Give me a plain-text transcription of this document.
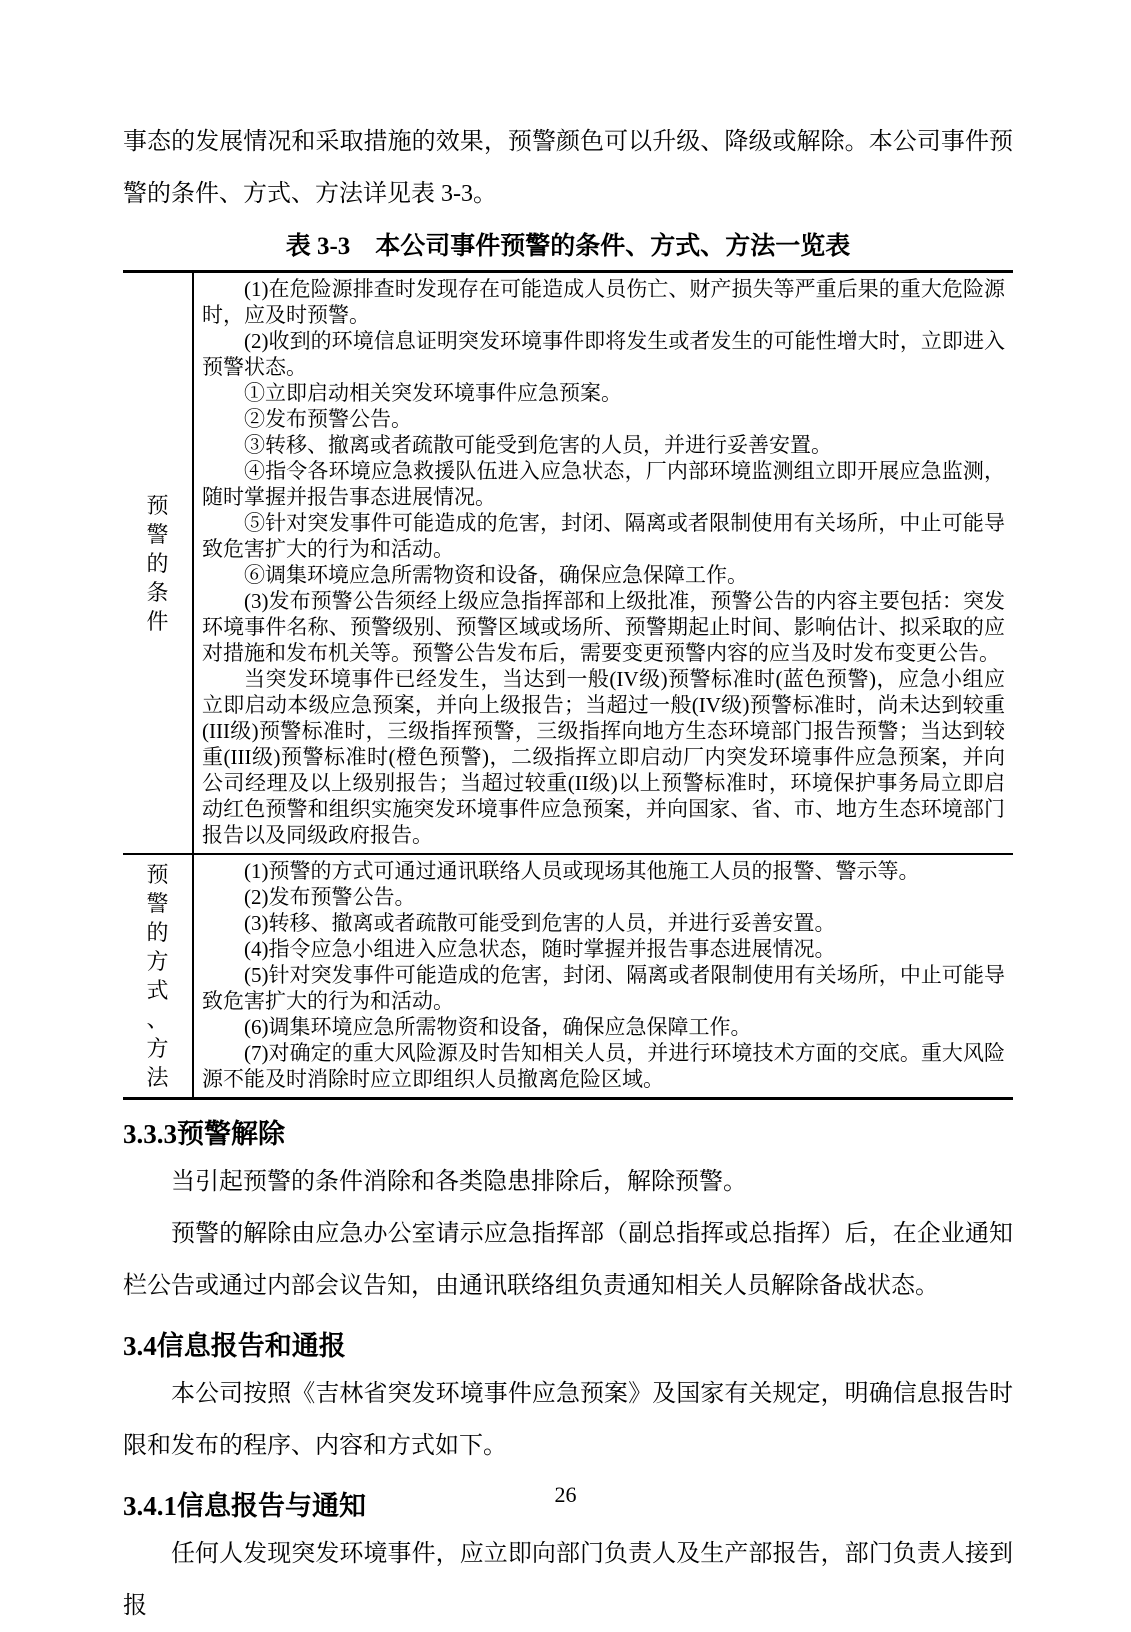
事态的发展情况和采取措施的效果，预警颜色可以升级、降级或解除。本公司事件预警的条件、方式、方法详见表 3-3。

表 3-3　本公司事件预警的条件、方式、方法一览表
预警的条件

(1)在危险源排查时发现存在可能造成人员伤亡、财产损失等严重后果的重大危险源时，应及时预警。

(2)收到的环境信息证明突发环境事件即将发生或者发生的可能性增大时，立即进入预警状态。

①立即启动相关突发环境事件应急预案。

②发布预警公告。

③转移、撤离或者疏散可能受到危害的人员，并进行妥善安置。

④指令各环境应急救援队伍进入应急状态，厂内部环境监测组立即开展应急监测，随时掌握并报告事态进展情况。

⑤针对突发事件可能造成的危害，封闭、隔离或者限制使用有关场所，中止可能导致危害扩大的行为和活动。

⑥调集环境应急所需物资和设备，确保应急保障工作。

(3)发布预警公告须经上级应急指挥部和上级批准，预警公告的内容主要包括：突发环境事件名称、预警级别、预警区域或场所、预警期起止时间、影响估计、拟采取的应对措施和发布机关等。预警公告发布后，需要变更预警内容的应当及时发布变更公告。

当突发环境事件已经发生，当达到一般(IV级)预警标准时(蓝色预警)，应急小组应立即启动本级应急预案，并向上级报告；当超过一般(IV级)预警标准时，尚未达到较重(III级)预警标准时，三级指挥预警，三级指挥向地方生态环境部门报告预警；当达到较重(III级)预警标准时(橙色预警)，二级指挥立即启动厂内突发环境事件应急预案，并向公司经理及以上级别报告；当超过较重(II级)以上预警标准时，环境保护事务局立即启动红色预警和组织实施突发环境事件应急预案，并向国家、省、市、地方生态环境部门报告以及同级政府报告。

预警的方式、方法

(1)预警的方式可通过通讯联络人员或现场其他施工人员的报警、警示等。

(2)发布预警公告。

(3)转移、撤离或者疏散可能受到危害的人员，并进行妥善安置。

(4)指令应急小组进入应急状态，随时掌握并报告事态进展情况。

(5)针对突发事件可能造成的危害，封闭、隔离或者限制使用有关场所，中止可能导致危害扩大的行为和活动。

(6)调集环境应急所需物资和设备，确保应急保障工作。

(7)对确定的重大风险源及时告知相关人员，并进行环境技术方面的交底。重大风险源不能及时消除时应立即组织人员撤离危险区域。

3.3.3预警解除

当引起预警的条件消除和各类隐患排除后，解除预警。

预警的解除由应急办公室请示应急指挥部（副总指挥或总指挥）后，在企业通知栏公告或通过内部会议告知，由通讯联络组负责通知相关人员解除备战状态。

3.4信息报告和通报

本公司按照《吉林省突发环境事件应急预案》及国家有关规定，明确信息报告时限和发布的程序、内容和方式如下。

3.4.1信息报告与通知

任何人发现突发环境事件，应立即向部门负责人及生产部报告，部门负责人接到报

26
